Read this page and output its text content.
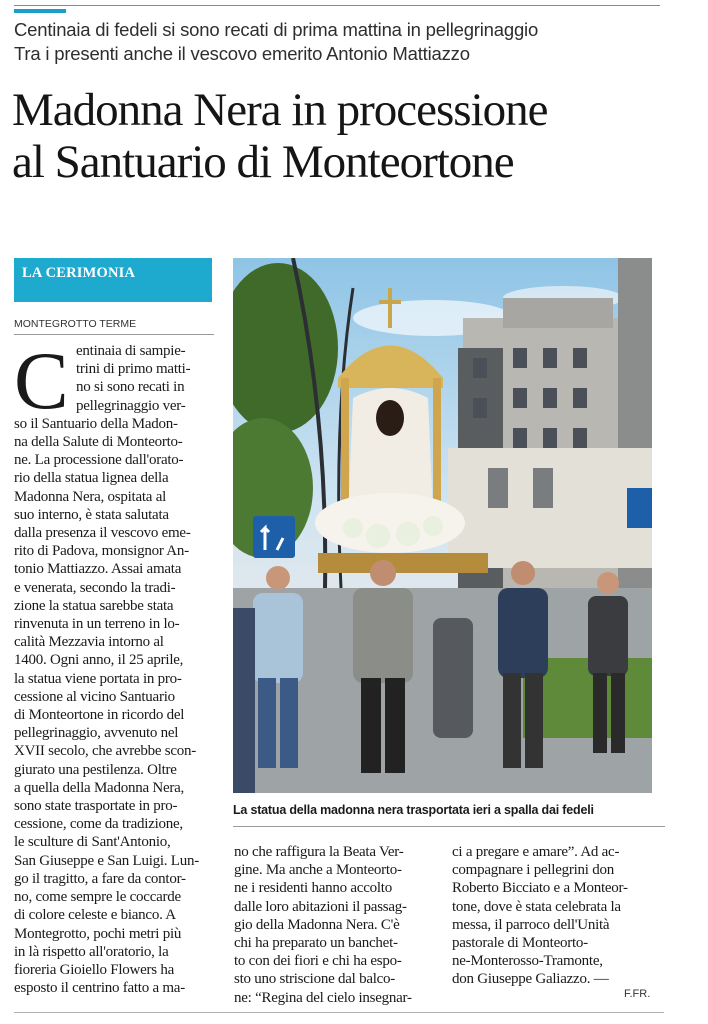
Centinaia di fedeli si sono recati di prima mattina in pellegrinaggio
Tra i presenti anche il vescovo emerito Antonio Mattiazzo
Madonna Nera in processione
al Santuario di Monteortone
LA CERIMONIA
MONTEGROTTO TERME
C entinaia di sampie-
trini di primo matti-
no si sono recati in
pellegrinaggio ver-
so il Santuario della Madon-
na della Salute di Monteorto-
ne. La processione dall'orato-
rio della statua lignea della
Madonna Nera, ospitata al
suo interno, è stata salutata
dalla presenza il vescovo eme-
rito di Padova, monsignor An-
tonio Mattiazzo. Assai amata
e venerata, secondo la tradi-
zione la statua sarebbe stata
rinvenuta in un terreno in lo-
calità Mezzavia intorno al
1400. Ogni anno, il 25 aprile,
la statua viene portata in pro-
cessione al vicino Santuario
di Monteortone in ricordo del
pellegrinaggio, avvenuto nel
XVII secolo, che avrebbe scon-
giurato una pestilenza. Oltre
a quella della Madonna Nera,
sono state trasportate in pro-
cessione, come da tradizione,
le sculture di Sant'Antonio,
San Giuseppe e San Luigi. Lun-
go il tragitto, a fare da contor-
no, come sempre le coccarde
di colore celeste e bianco. A
Montegrotto, pochi metri più
in là rispetto all'oratorio, la
fioreria Gioiello Flowers ha
esposto il centrino fatto a ma-
La statua della madonna nera trasportata ieri a spalla dai fedeli
no che raffigura la Beata Ver-
gine. Ma anche a Monteorto-
ne i residenti hanno accolto
dalle loro abitazioni il passag-
gio della Madonna Nera. C'è
chi ha preparato un banchet-
to con dei fiori e chi ha espo-
sto uno striscione dal balco-
ne: “Regina del cielo insegnar-
ci a pregare e amare”. Ad ac-
compagnare i pellegrini don
Roberto Bicciato e a Monteor-
tone, dove è stata celebrata la
messa, il parroco dell'Unità
pastorale di Monteorto-
ne-Monterosso-Tramonte,
don Giuseppe Galiazzo. —
F.FR.
